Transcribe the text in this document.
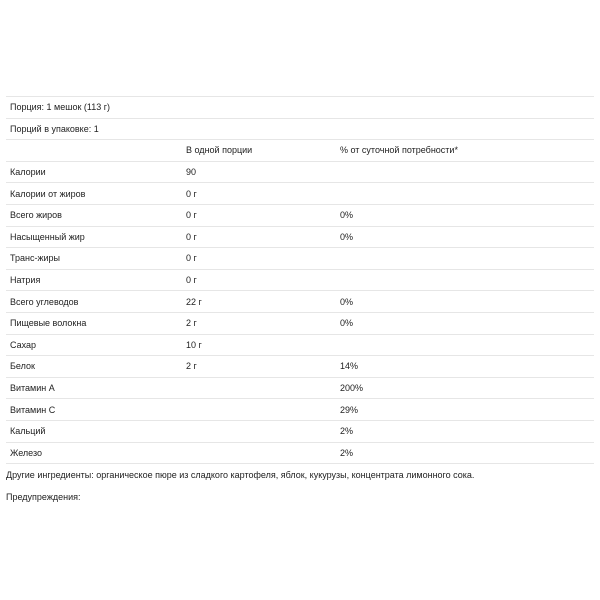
Порция: 1 мешок (113 г)		
Порций в упаковке: 1		
	В одной порции	% от суточной потребности*
Калории	90	
Калории от жиров	0 г	
Всего жиров	0 г	0%
Насыщенный жир	0 г	0%
Транс-жиры	0 г	
Натрия	0 г	
Всего углеводов	22 г	0%
Пищевые волокна	2 г	0%
Сахар	10 г	
Белок	2 г	14%
Витамин A		200%
Витамин C		29%
Кальций		2%
Железо		2%
Другие ингредиенты: органическое пюре из сладкого картофеля, яблок, кукурузы, концентрата лимонного сока.
Предупреждения:
